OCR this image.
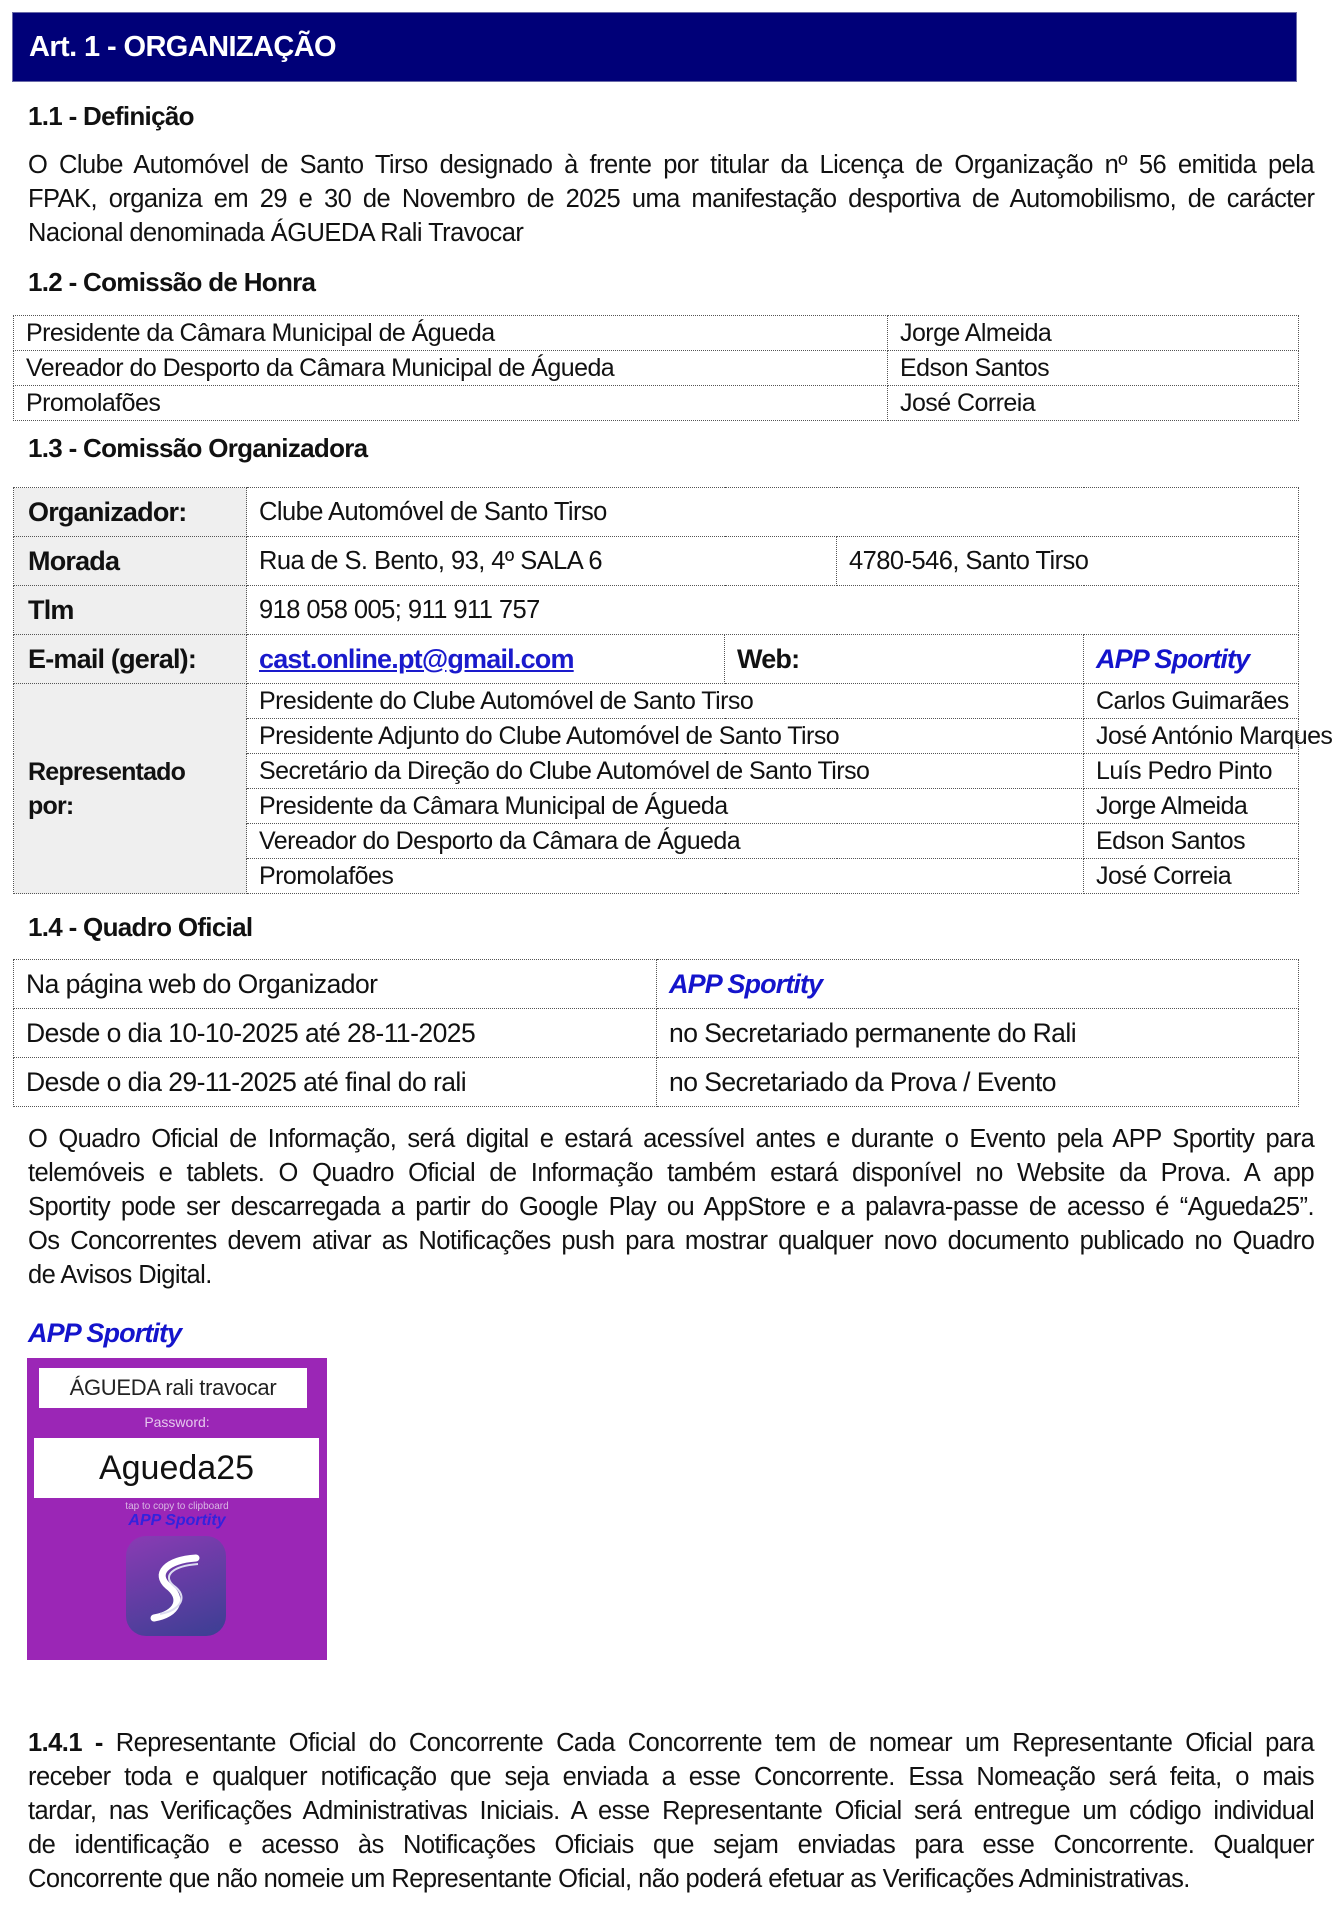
Art. 1 - ORGANIZAÇÃO
1.1 - Definição
O Clube Automóvel de Santo Tirso designado à frente por titular da Licença de Organização nº 56 emitida pela
FPAK, organiza em 29 e 30 de Novembro de 2025 uma manifestação desportiva de Automobilismo, de carácter
Nacional denominada ÁGUEDA Rali Travocar
1.2 - Comissão de Honra
Presidente da Câmara Municipal de Águeda	Jorge Almeida
Vereador do Desporto da Câmara Municipal de Águeda	Edson Santos
Promolafões	José Correia
1.3 - Comissão Organizadora
Organizador:	Clube Automóvel de Santo Tirso			
Morada	Rua de S. Bento, 93, 4º SALA 6		4780-546, Santo Tirso	
Tlm	918 058 005; 911 911 757			
E-mail (geral):	cast.online.pt@gmail.com	Web:		APP Sportity
Representado
por:	Presidente do Clube Automóvel de Santo Tirso			Carlos Guimarães
	Presidente Adjunto do Clube Automóvel de Santo Tirso			José António Marques
	Secretário da Direção do Clube Automóvel de Santo Tirso			Luís Pedro Pinto
	Presidente da Câmara Municipal de Águeda			Jorge Almeida
	Vereador do Desporto da Câmara de Águeda			Edson Santos
	Promolafões			José Correia
1.4 - Quadro Oficial
Na página web do Organizador	APP Sportity
Desde o dia 10-10-2025 até 28-11-2025	no Secretariado permanente do Rali
Desde o dia 29-11-2025 até final do rali	no Secretariado da Prova / Evento
O Quadro Oficial de Informação, será digital e estará acessível antes e durante o Evento pela APP Sportity para
telemóveis e tablets. O Quadro Oficial de Informação também estará disponível no Website da Prova. A app
Sportity pode ser descarregada a partir do Google Play ou AppStore e a palavra-passe de acesso é “Agueda25”.
Os Concorrentes devem ativar as Notificações push para mostrar qualquer novo documento publicado no Quadro
de Avisos Digital.
APP Sportity
ÁGUEDA rali travocar
Password:
Agueda25
tap to copy to clipboard
APP Sportity
1.4.1 - Representante Oficial do Concorrente Cada Concorrente tem de nomear um Representante Oficial para
receber toda e qualquer notificação que seja enviada a esse Concorrente. Essa Nomeação será feita, o mais
tardar, nas Verificações Administrativas Iniciais. A esse Representante Oficial será entregue um código individual
de identificação e acesso às Notificações Oficiais que sejam enviadas para esse Concorrente. Qualquer
Concorrente que não nomeie um Representante Oficial, não poderá efetuar as Verificações Administrativas.
